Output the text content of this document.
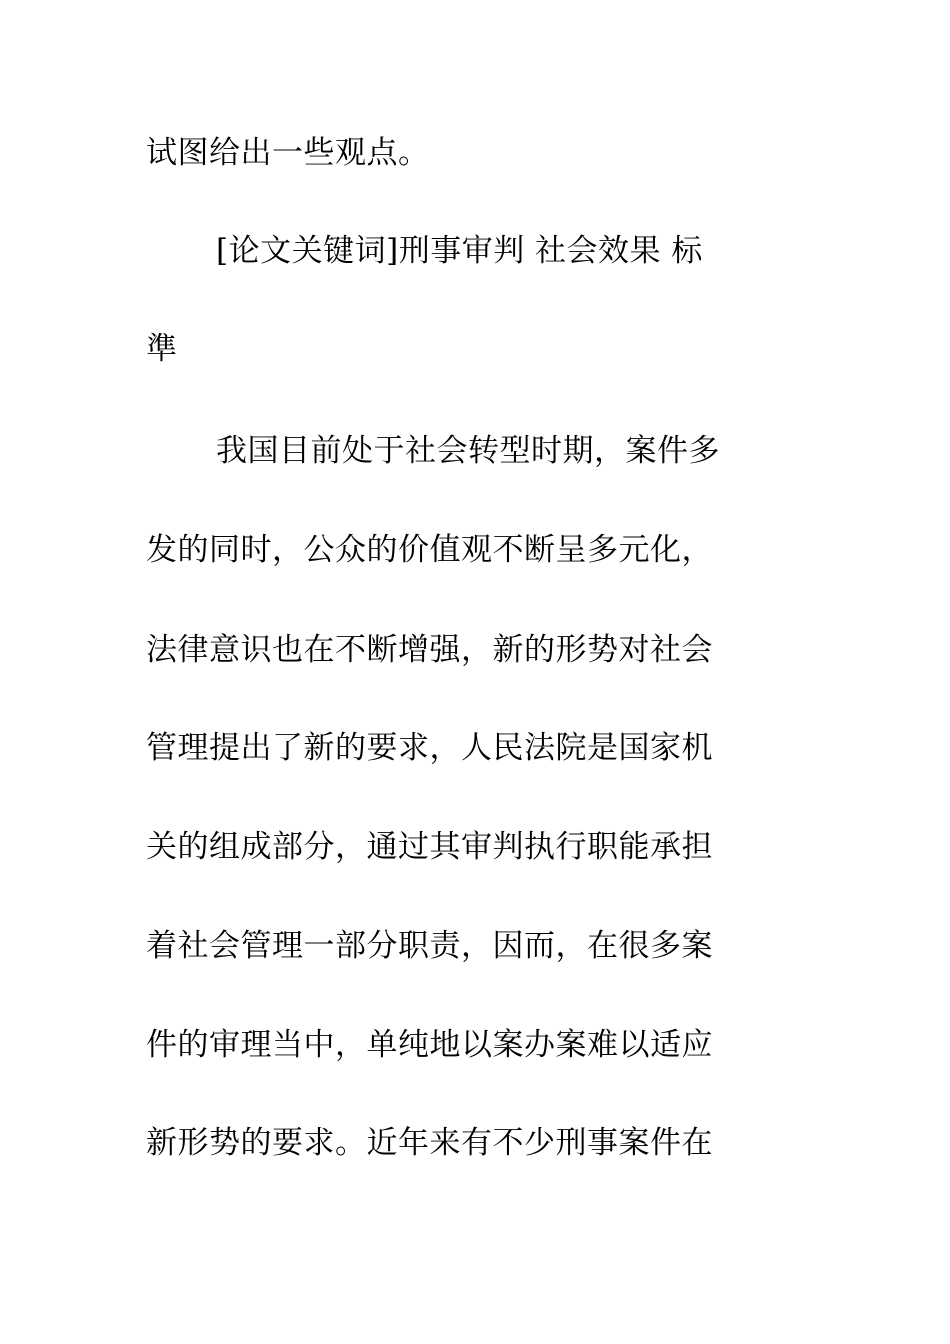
试图给出一些观点。
[论文关键词]刑事审判 社会效果 标
準
我国目前处于社会转型时期，案件多
发的同时，公众的价值观不断呈多元化，
法律意识也在不断增强，新的形势对社会
管理提出了新的要求，人民法院是国家机
关的组成部分，通过其审判执行职能承担
着社会管理一部分职责，因而，在很多案
件的审理当中，单纯地以案办案难以适应
新形势的要求。近年来有不少刑事案件在
